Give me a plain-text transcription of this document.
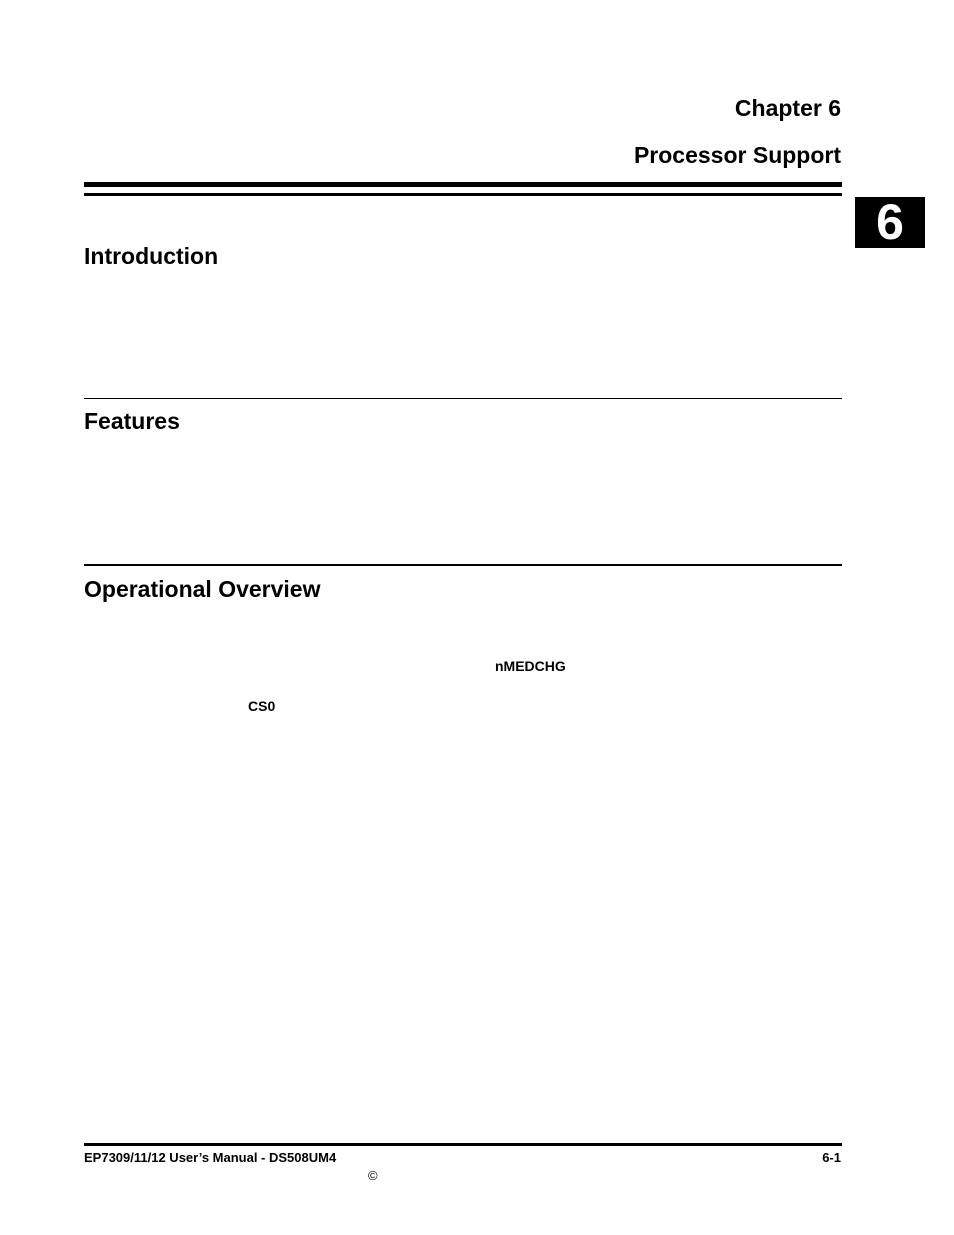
Chapter 6
Processor Support
6
Introduction
Features
Operational Overview
nMEDCHG
CS0
EP7309/11/12 User’s Manual - DS508UM4	6-1
©
